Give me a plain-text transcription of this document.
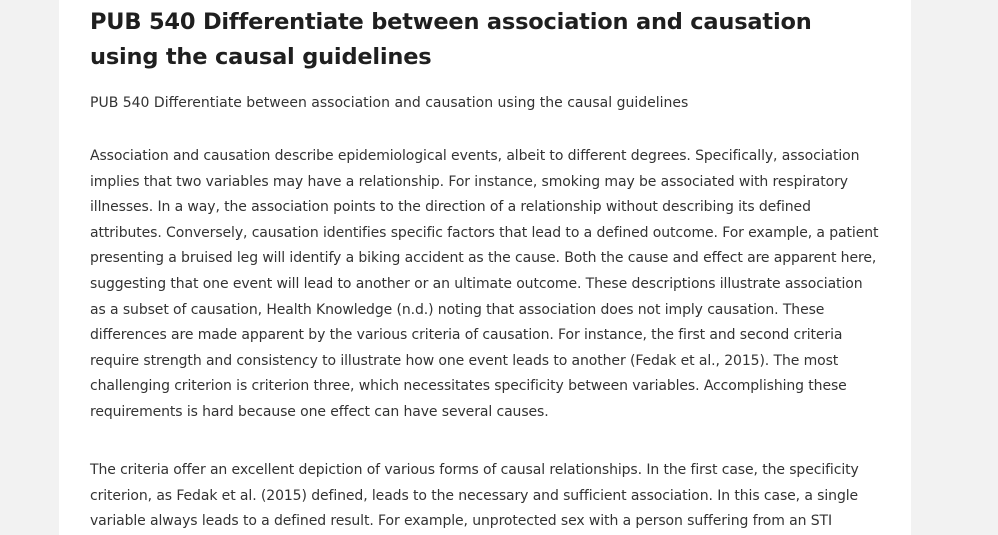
PUB 540 Differentiate between association and causation using the causal guidelines

PUB 540 Differentiate between association and causation using the causal guidelines

Association and causation describe epidemiological events, albeit to different degrees. Specifically, association implies that two variables may have a relationship. For instance, smoking may be associated with respiratory illnesses. In a way, the association points to the direction of a relationship without describing its defined attributes. Conversely, causation identifies specific factors that lead to a defined outcome. For example, a patient presenting a bruised leg will identify a biking accident as the cause. Both the cause and effect are apparent here, suggesting that one event will lead to another or an ultimate outcome. These descriptions illustrate association as a subset of causation, Health Knowledge (n.d.) noting that association does not imply causation. These differences are made apparent by the various criteria of causation. For instance, the first and second criteria require strength and consistency to illustrate how one event leads to another (Fedak et al., 2015). The most challenging criterion is criterion three, which necessitates specificity between variables. Accomplishing these requirements is hard because one effect can have several causes.

The criteria offer an excellent depiction of various forms of causal relationships. In the first case, the specificity criterion, as Fedak et al. (2015) defined, leads to the necessary and sufficient association. In this case, a single variable always leads to a defined result. For example, unprotected sex with a person suffering from an STI
